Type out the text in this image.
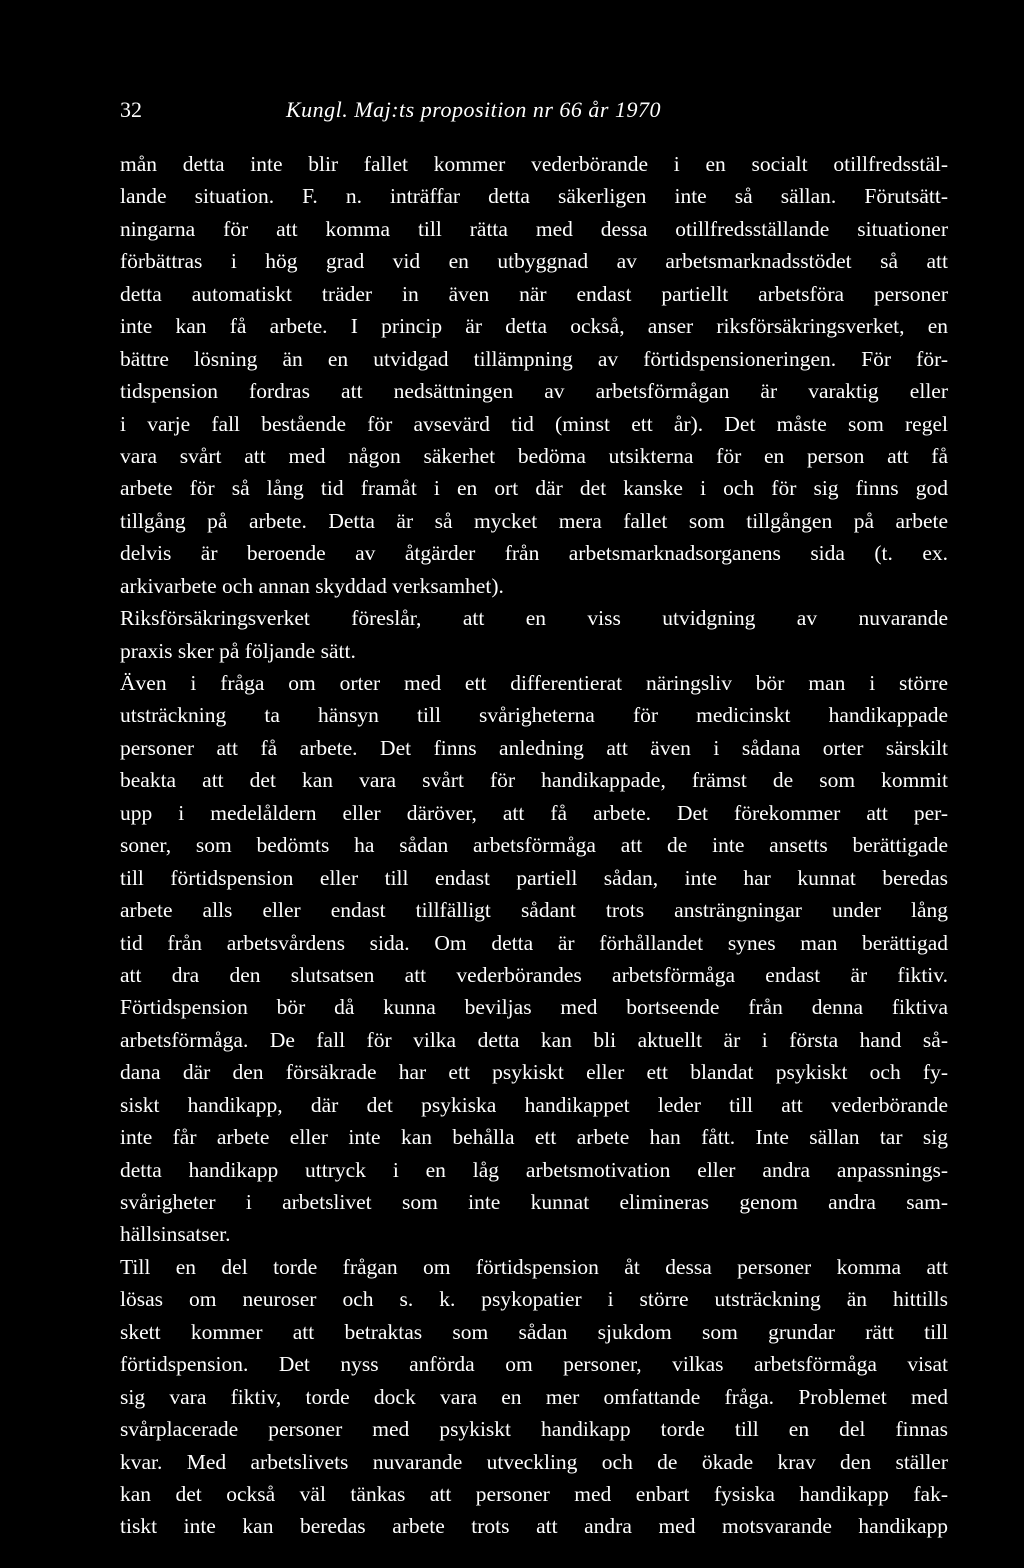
32	Kungl. Maj:ts proposition nr 66 år 1970
mån detta inte blir fallet kommer vederbörande i en socialt otillfredsstäl-
lande situation. F. n. inträffar detta säkerligen inte så sällan. Förutsätt-
ningarna för att komma till rätta med dessa otillfredsställande situationer
förbättras i hög grad vid en utbyggnad av arbetsmarknadsstödet så att
detta automatiskt träder in även när endast partiellt arbetsföra personer
inte kan få arbete. I princip är detta också, anser riksförsäkringsverket, en
bättre lösning än en utvidgad tillämpning av förtidspensioneringen. För för-
tidspension fordras att nedsättningen av arbetsförmågan är varaktig eller
i varje fall bestående för avsevärd tid (minst ett år). Det måste som regel
vara svårt att med någon säkerhet bedöma utsikterna för en person att få
arbete för så lång tid framåt i en ort där det kanske i och för sig finns god
tillgång på arbete. Detta är så mycket mera fallet som tillgången på arbete
delvis är beroende av åtgärder från arbetsmarknadsorganens sida (t. ex.
arkivarbete och annan skyddad verksamhet).
Riksförsäkringsverket föreslår, att en viss utvidgning av nuvarande
praxis sker på följande sätt.
Även i fråga om orter med ett differentierat näringsliv bör man i större
utsträckning ta hänsyn till svårigheterna för medicinskt handikappade
personer att få arbete. Det finns anledning att även i sådana orter särskilt
beakta att det kan vara svårt för handikappade, främst de som kommit
upp i medelåldern eller däröver, att få arbete. Det förekommer att per-
soner, som bedömts ha sådan arbetsförmåga att de inte ansetts berättigade
till förtidspension eller till endast partiell sådan, inte har kunnat beredas
arbete alls eller endast tillfälligt sådant trots ansträngningar under lång
tid från arbetsvårdens sida. Om detta är förhållandet synes man berättigad
att dra den slutsatsen att vederbörandes arbetsförmåga endast är fiktiv.
Förtidspension bör då kunna beviljas med bortseende från denna fiktiva
arbetsförmåga. De fall för vilka detta kan bli aktuellt är i första hand så-
dana där den försäkrade har ett psykiskt eller ett blandat psykiskt och fy-
siskt handikapp, där det psykiska handikappet leder till att vederbörande
inte får arbete eller inte kan behålla ett arbete han fått. Inte sällan tar sig
detta handikapp uttryck i en låg arbetsmotivation eller andra anpassnings-
svårigheter i arbetslivet som inte kunnat elimineras genom andra sam-
hällsinsatser.
Till en del torde frågan om förtidspension åt dessa personer komma att
lösas om neuroser och s. k. psykopatier i större utsträckning än hittills
skett kommer att betraktas som sådan sjukdom som grundar rätt till
förtidspension. Det nyss anförda om personer, vilkas arbetsförmåga visat
sig vara fiktiv, torde dock vara en mer omfattande fråga. Problemet med
svårplacerade personer med psykiskt handikapp torde till en del finnas
kvar. Med arbetslivets nuvarande utveckling och de ökade krav den ställer
kan det också väl tänkas att personer med enbart fysiska handikapp fak-
tiskt inte kan beredas arbete trots att andra med motsvarande handikapp
